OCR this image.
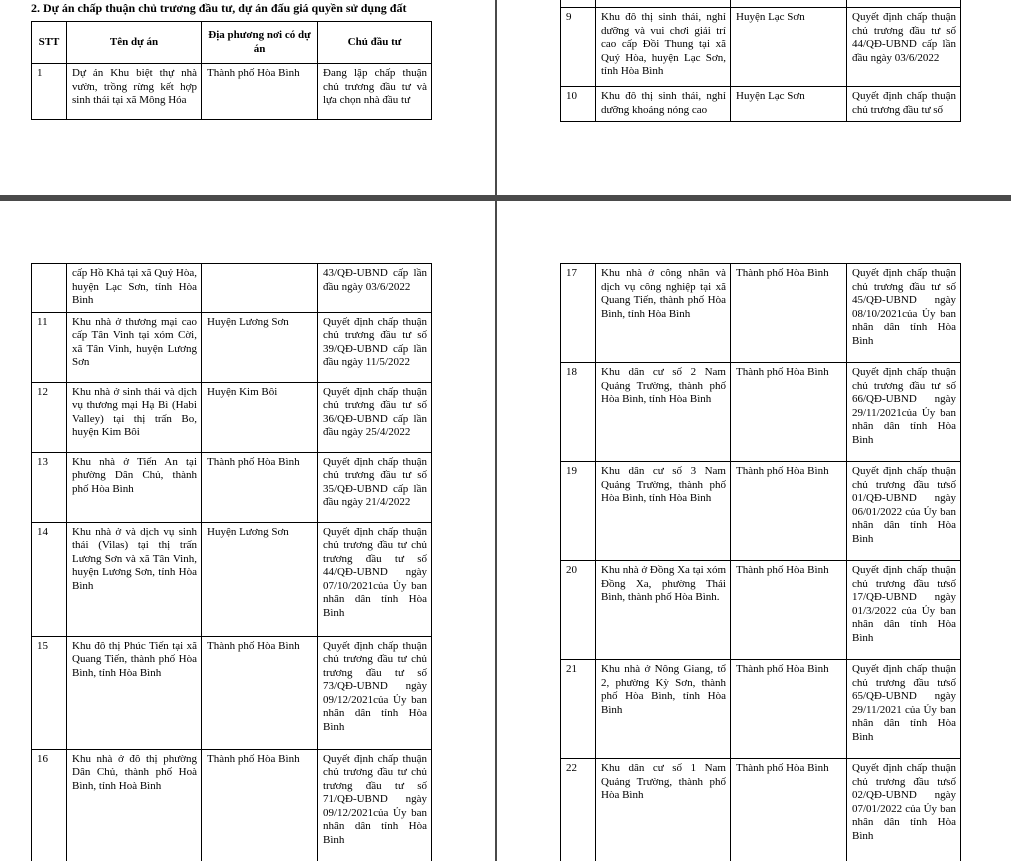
2. Dự án chấp thuận chủ trương đầu tư, dự án đấu giá quyền sử dụng đất
STT	Tên dự án	Địa phương nơi có dự án	Chủ đầu tư
1	Dự án Khu biệt thự nhà vườn, trồng rừng kết hợp sinh thái tại xã Mông Hóa	Thành phố Hòa Bình	Đang lập chấp thuận chủ trương đầu tư và lựa chọn nhà đầu tư

9	Khu đô thị sinh thái, nghỉ dưỡng và vui chơi giải trí cao cấp Đồi Thung tại xã Quý Hòa, huyện Lạc Sơn, tỉnh Hòa Bình	Huyện Lạc Sơn	Quyết định chấp thuận chủ trương đầu tư số 44/QĐ-UBND cấp lần đầu ngày 03/6/2022
10	Khu đô thị sinh thái, nghỉ dưỡng khoáng nóng cao	Huyện Lạc Sơn	Quyết định chấp thuận chủ trương đầu tư số
	cấp Hồ Khả tại xã Quý Hòa, huyện Lạc Sơn, tỉnh Hòa Bình		43/QĐ-UBND cấp lần đầu ngày 03/6/2022
11	Khu nhà ở thương mại cao cấp Tân Vinh tại xóm Cời, xã Tân Vinh, huyện Lương Sơn	Huyện Lương Sơn	Quyết định chấp thuận chủ trương đầu tư số 39/QĐ-UBND cấp lần đầu ngày 11/5/2022
12	Khu nhà ở sinh thái và dịch vụ thương mại Hạ Bì (Habi Valley) tại thị trấn Bo, huyện Kim Bôi	Huyện Kim Bôi	Quyết định chấp thuận chủ trương đầu tư số 36/QĐ-UBND cấp lần đầu ngày 25/4/2022
13	Khu nhà ở Tiến An tại phường Dân Chủ, thành phố Hòa Bình	Thành phố Hòa Bình	Quyết định chấp thuận chủ trương đầu tư số 35/QĐ-UBND cấp lần đầu ngày 21/4/2022
14	Khu nhà ở và dịch vụ sinh thái (Vilas) tại thị trấn Lương Sơn và xã Tân Vinh, huyện Lương Sơn, tỉnh Hòa Bình	Huyện Lương Sơn	Quyết định chấp thuận chủ trương đầu tư chủ trương đầu tư số 44/QĐ-UBND ngày 07/10/2021của Ủy ban nhân dân tỉnh Hòa Bình
15	Khu đô thị Phúc Tiến tại xã Quang Tiến, thành phố Hòa Bình, tỉnh Hòa Bình	Thành phố Hòa Bình	Quyết định chấp thuận chủ trương đầu tư chủ trương đầu tư số 73/QĐ-UBND ngày 09/12/2021của Ủy ban nhân dân tỉnh Hòa Bình
16	Khu nhà ở đô thị phường Dân Chủ, thành phố Hoà Bình, tỉnh Hoà Bình	Thành phố Hòa Bình	Quyết định chấp thuận chủ trương đầu tư chủ trương đầu tư số 71/QĐ-UBND ngày 09/12/2021của Ủy ban nhân dân tỉnh Hòa Bình
17	Khu nhà ở công nhân và dịch vụ công nghiệp tại xã Quang Tiến, thành phố Hòa Bình, tỉnh Hòa Bình	Thành phố Hòa Bình	Quyết định chấp thuận chủ trương đầu tư số 45/QĐ-UBND ngày 08/10/2021của Ủy ban nhân dân tỉnh Hòa Bình
18	Khu dân cư số 2 Nam Quảng Trường, thành phố Hòa Bình, tỉnh Hòa Bình	Thành phố Hòa Bình	Quyết định chấp thuận chủ trương đầu tư số 66/QĐ-UBND ngày 29/11/2021của Ủy ban nhân dân tỉnh Hòa Bình
19	Khu dân cư số 3 Nam Quảng Trường, thành phố Hòa Bình, tỉnh Hòa Bình	Thành phố Hòa Bình	Quyết định chấp thuận chủ trương đầu tưsố 01/QĐ-UBND ngày 06/01/2022 của Ủy ban nhân dân tỉnh Hòa Bình
20	Khu nhà ở Đồng Xa tại xóm Đồng Xa, phường Thái Bình, thành phố Hòa Bình.	Thành phố Hòa Bình	Quyết định chấp thuận chủ trương đầu tưsố 17/QĐ-UBND ngày 01/3/2022 của Ủy ban nhân dân tỉnh Hòa Bình
21	Khu nhà ở Nông Giang, tổ 2, phường Kỳ Sơn, thành phố Hòa Bình, tỉnh Hòa Bình	Thành phố Hòa Bình	Quyết định chấp thuận chủ trương đầu tưsố 65/QĐ-UBND ngày 29/11/2021 của Ủy ban nhân dân tỉnh Hòa Bình
22	Khu dân cư số 1 Nam Quảng Trường, thành phố Hòa Bình	Thành phố Hòa Bình	Quyết định chấp thuận chủ trương đầu tưsố 02/QĐ-UBND ngày 07/01/2022 của Ủy ban nhân dân tỉnh Hòa Bình
